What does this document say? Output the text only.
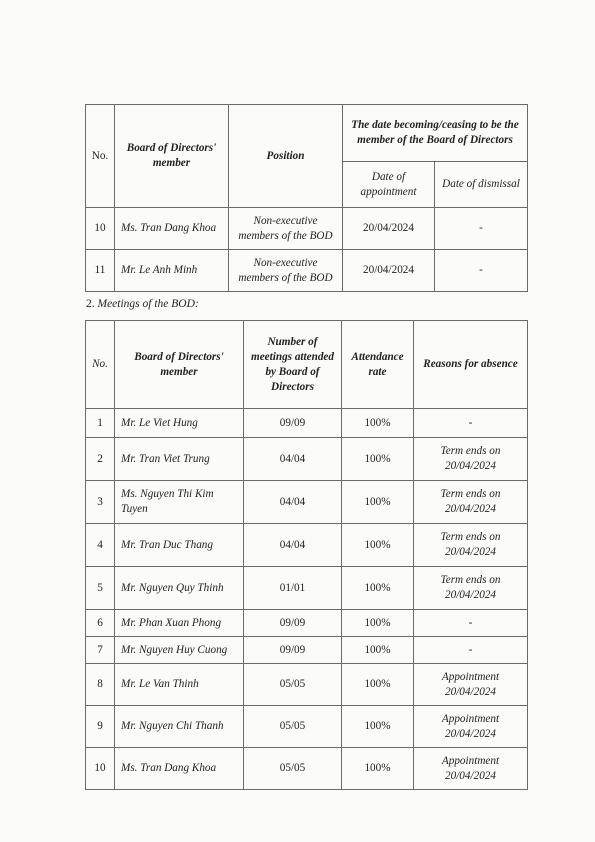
No.	Board of Directors' member	Position	The date becoming/ceasing to be the member of the Board of Directors	
			Date of appointment	Date of dismissal
10	Ms. Tran Dang Khoa	Non-executive members of the BOD	20/04/2024	-
11	Mr. Le Anh Minh	Non-executive members of the BOD	20/04/2024	-
2. Meetings of the BOD:
No.	Board of Directors' member	Number of meetings attended by Board of Directors	Attendance rate	Reasons for absence
1	Mr. Le Viet Hung	09/09	100%	-
2	Mr. Tran Viet Trung	04/04	100%	Term ends on 20/04/2024
3	Ms. Nguyen Thi Kim Tuyen	04/04	100%	Term ends on 20/04/2024
4	Mr. Tran Duc Thang	04/04	100%	Term ends on 20/04/2024
5	Mr. Nguyen Quy Thinh	01/01	100%	Term ends on 20/04/2024
6	Mr. Phan Xuan Phong	09/09	100%	-
7	Mr. Nguyen Huy Cuong	09/09	100%	-
8	Mr. Le Van Thinh	05/05	100%	Appointment 20/04/2024
9	Mr. Nguyen Chi Thanh	05/05	100%	Appointment 20/04/2024
10	Ms. Tran Dang Khoa	05/05	100%	Appointment 20/04/2024
